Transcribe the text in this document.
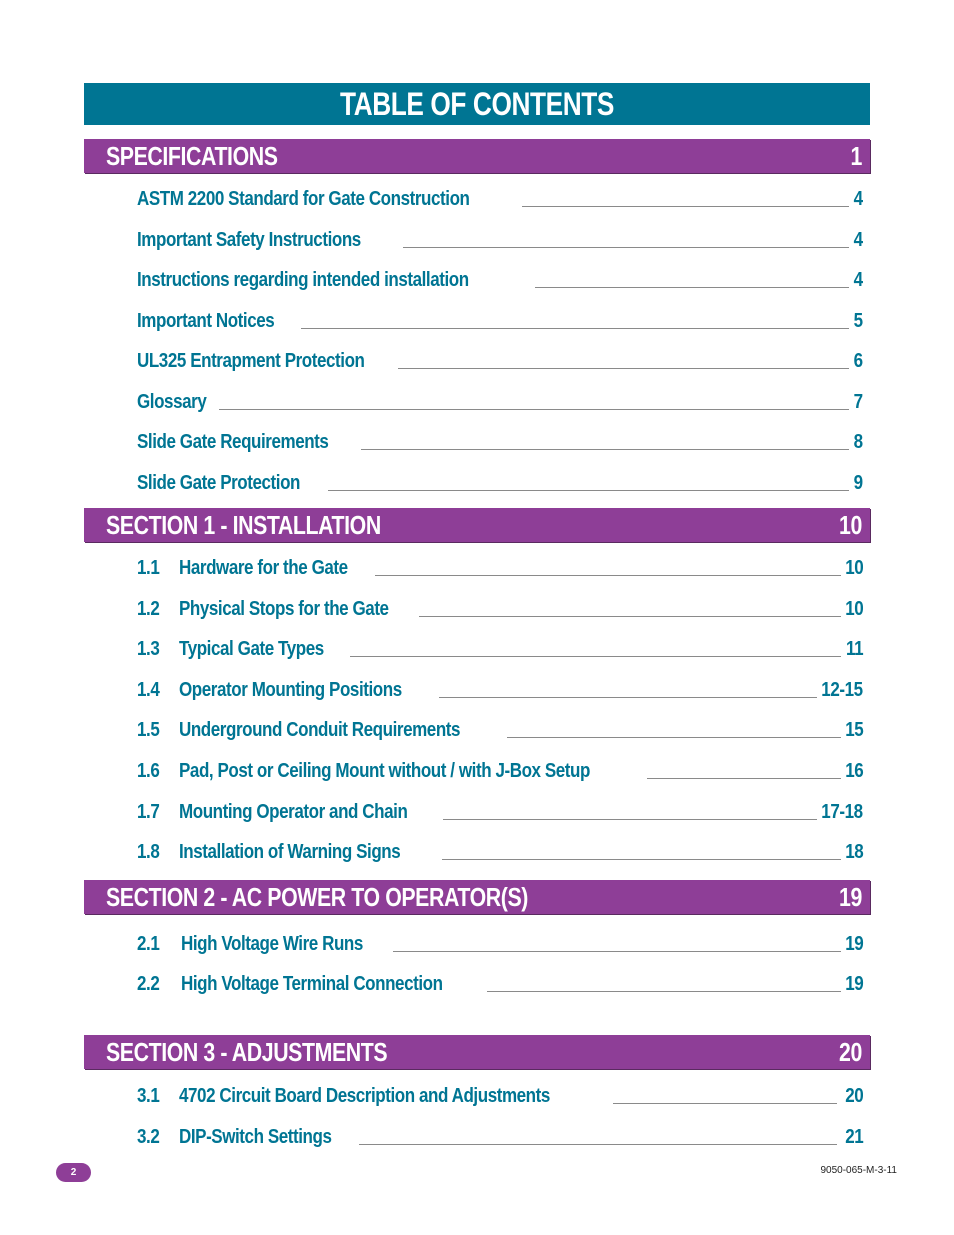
TABLE OF CONTENTS
SPECIFICATIONS	1
ASTM 2200 Standard for Gate Construction	4
Important Safety Instructions	4
Instructions regarding intended installation	4
Important Notices	5
UL325 Entrapment Protection	6
Glossary	7
Slide Gate Requirements	8
Slide Gate Protection	9
SECTION 1 - INSTALLATION	10
1.1 Hardware for the Gate	10
1.2 Physical Stops for the Gate	10
1.3 Typical Gate Types	11
1.4 Operator Mounting Positions	12-15
1.5 Underground Conduit Requirements	15
1.6 Pad, Post or Ceiling Mount without / with J-Box Setup	16
1.7 Mounting Operator and Chain	17-18
1.8 Installation of Warning Signs	18
SECTION 2 - AC POWER TO OPERATOR(S)	19
2.1 High Voltage Wire Runs	19
2.2 High Voltage Terminal Connection	19
SECTION 3 - ADJUSTMENTS	20
3.1 4702 Circuit Board Description and Adjustments	20
3.2 DIP-Switch Settings	21
2	9050-065-M-3-11
